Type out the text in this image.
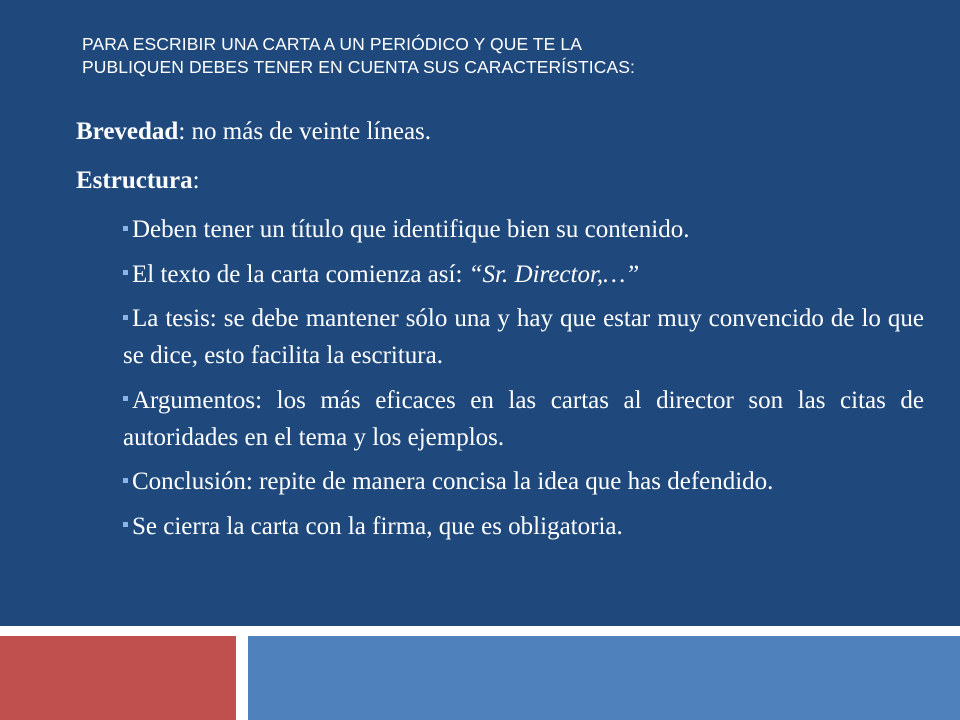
PARA ESCRIBIR UNA CARTA A UN PERIÓDICO Y QUE TE LA
PUBLIQUEN DEBES TENER EN CUENTA SUS CARACTERÍSTICAS:
Brevedad: no más de veinte líneas.
Estructura:
Deben tener un título que identifique bien su contenido.
El texto de la carta comienza así: “Sr. Director,…”
La tesis: se debe mantener sólo una y hay que estar muy convencido de lo que se dice, esto facilita la escritura.
Argumentos: los más eficaces en las cartas al director son las citas de autoridades en el tema y los ejemplos.
Conclusión: repite de manera concisa la idea que has defendido.
Se cierra la carta con la firma, que es obligatoria.
